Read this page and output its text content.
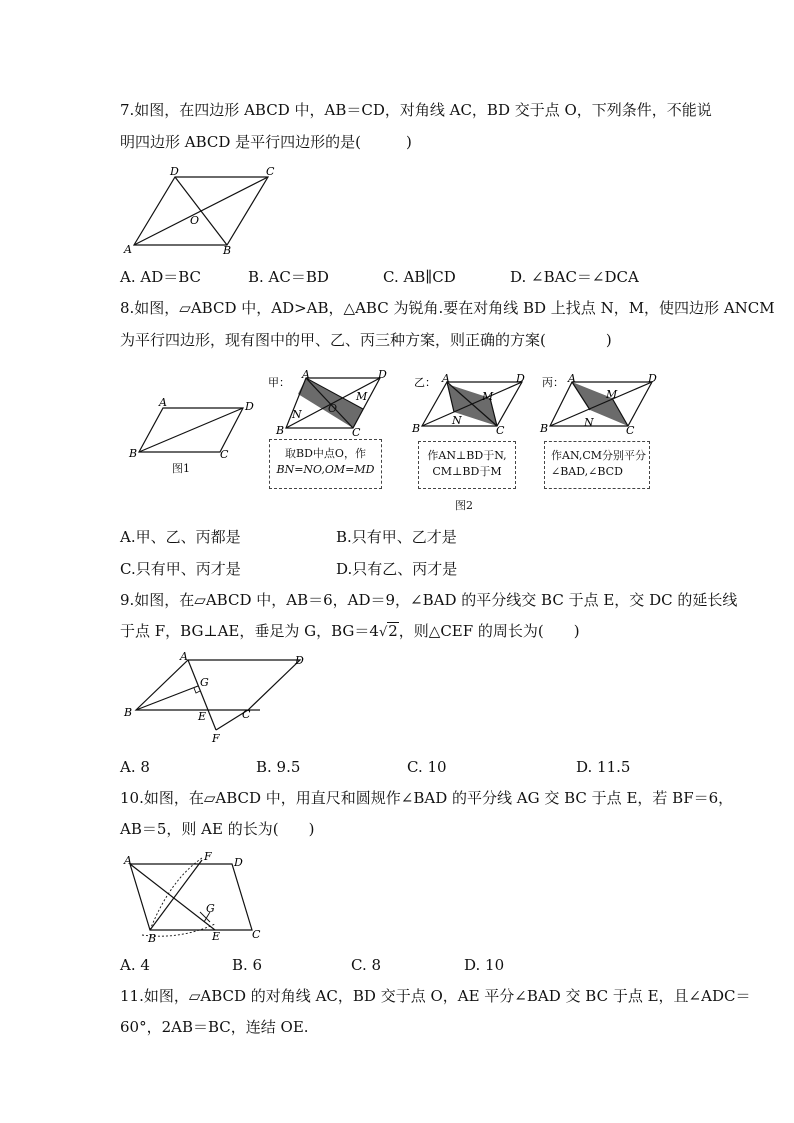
7.如图，在四边形 ABCD 中，AB＝CD，对角线 AC，BD 交于点 O，下列条件，不能说
明四边形 ABCD 是平行四边形的是(　　　)
A	B
C
D
O
A. AD＝BC	B. AC＝BD	C. AB∥CD	D. ∠BAC＝∠DCA
8.如图，▱ABCD 中，AD>AB，△ABC 为锐角.要在对角线 BD 上找点 N，M，使四边形 ANCM
为平行四边形，现有图中的甲、乙、丙三种方案，则正确的方案(　　　　)
A
B	C
D
图1
甲：
A	D
B	C
O
M
N
取BD中点O，作
BN=NO,OM=MD
乙： A	D
B	C
M
N
作AN⊥BD于N,
CM⊥BD于M
丙： A	D
B	C
M
N
作AN,CM分别平分
∠BAD,∠BCD
图2
A.甲、乙、丙都是	B.只有甲、乙才是
C.只有甲、丙才是	D.只有乙、丙才是
9.如图，在▱ABCD 中，AB＝6，AD＝9，∠BAD 的平分线交 BC 于点 E，交 DC 的延长线
于点 F，BG⊥AE，垂足为 G，BG＝4√2，则△CEF 的周长为(　　)
A	D
B	C
G
E
F
A. 8	B. 9.5	C. 10	D. 11.5
10.如图，在▱ABCD 中，用直尺和圆规作∠BAD 的平分线 AG 交 BC 于点 E，若 BF＝6，
AB＝5，则 AE 的长为(　　)
A	F D
G
B	E	C
A. 4	B. 6	C. 8	D. 10
11.如图，▱ABCD 的对角线 AC，BD 交于点 O，AE 平分∠BAD 交 BC 于点 E，且∠ADC＝
60°，2AB＝BC，连结 OE.
